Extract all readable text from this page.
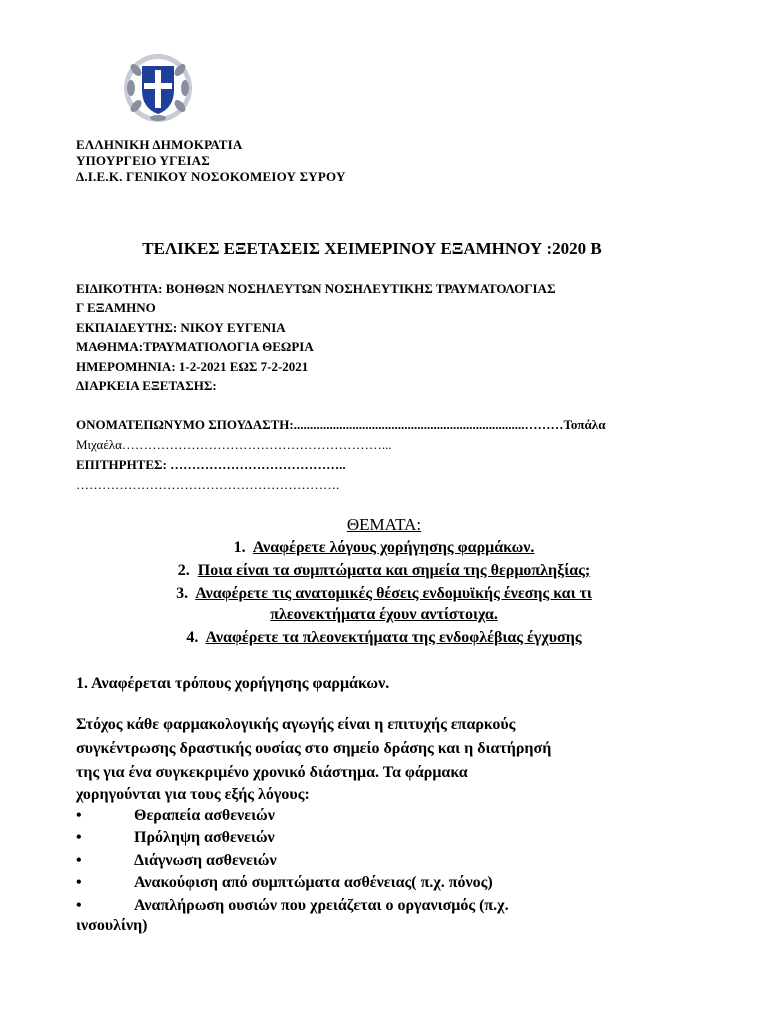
ΕΛΛΗΝΙΚΗ ΔΗΜΟΚΡΑΤΙΑ
ΥΠΟΥΡΓΕΙΟ ΥΓΕΙΑΣ
Δ.Ι.Ε.Κ. ΓΕΝΙΚΟΥ ΝΟΣΟΚΟΜΕΙΟΥ ΣΥΡΟΥ
ΤΕΛΙΚΕΣ ΕΞΕΤΑΣΕΙΣ ΧΕΙΜΕΡΙΝΟΥ ΕΞΑΜΗΝΟΥ :2020 Β
ΕΙΔΙΚΟΤΗΤΑ: ΒΟΗΘΩΝ ΝΟΣΗΛΕΥΤΩΝ ΝΟΣΗΛΕΥΤΙΚΗΣ ΤΡΑΥΜΑΤΟΛΟΓΙΑΣ
Γ ΕΞΑΜΗΝΟ
ΕΚΠΑΙΔΕΥΤΗΣ: ΝΙΚΟΥ ΕΥΓΕΝΙΑ
ΜΑΘΗΜΑ:ΤΡΑΥΜΑΤΙΟΛΟΓΙΑ ΘΕΩΡΙΑ
ΗΜΕΡΟΜΗΝΙΑ: 1-2-2021 ΕΩΣ 7-2-2021
ΔΙΑΡΚΕΙΑ ΕΞΕΤΑΣΗΣ:
ΟΝΟΜΑΤΕΠΩΝΥΜΟ ΣΠΟΥΔΑΣΤΗ:.......................................................................………Τοπάλα
Μιχαέλα……………………………………………………...
ΕΠΙΤΗΡΗΤΕΣ: …………………………………..
…………………………………………………….
ΘΕΜΑΤΑ:
1. Αναφέρετε λόγους χορήγησης φαρμάκων.
2. Ποια είναι τα συμπτώματα και σημεία της θερμοπληξίας;
3. Αναφέρετε τις ανατομικές θέσεις ενδομυϊκής ένεσης και τι
πλεονεκτήματα έχουν αντίστοιχα.
4. Αναφέρετε τα πλεονεκτήματα της ενδοφλέβιας έγχυσης
1. Αναφέρεται τρόπους χορήγησης φαρμάκων.
Στόχος κάθε φαρμακολογικής αγωγής είναι η επιτυχής επαρκούς
συγκέντρωσης δραστικής ουσίας στο σημείο δράσης και η διατήρησή
της για ένα συγκεκριμένο χρονικό διάστημα. Τα φάρμακα
χορηγούνται για τους εξής λόγους:
•	Θεραπεία ασθενειών
•	Πρόληψη ασθενειών
•	Διάγνωση ασθενειών
•	Ανακούφιση από συμπτώματα ασθένειας( π.χ. πόνος)
•	Αναπλήρωση ουσιών που χρειάζεται ο οργανισμός (π.χ.
ινσουλίνη)
